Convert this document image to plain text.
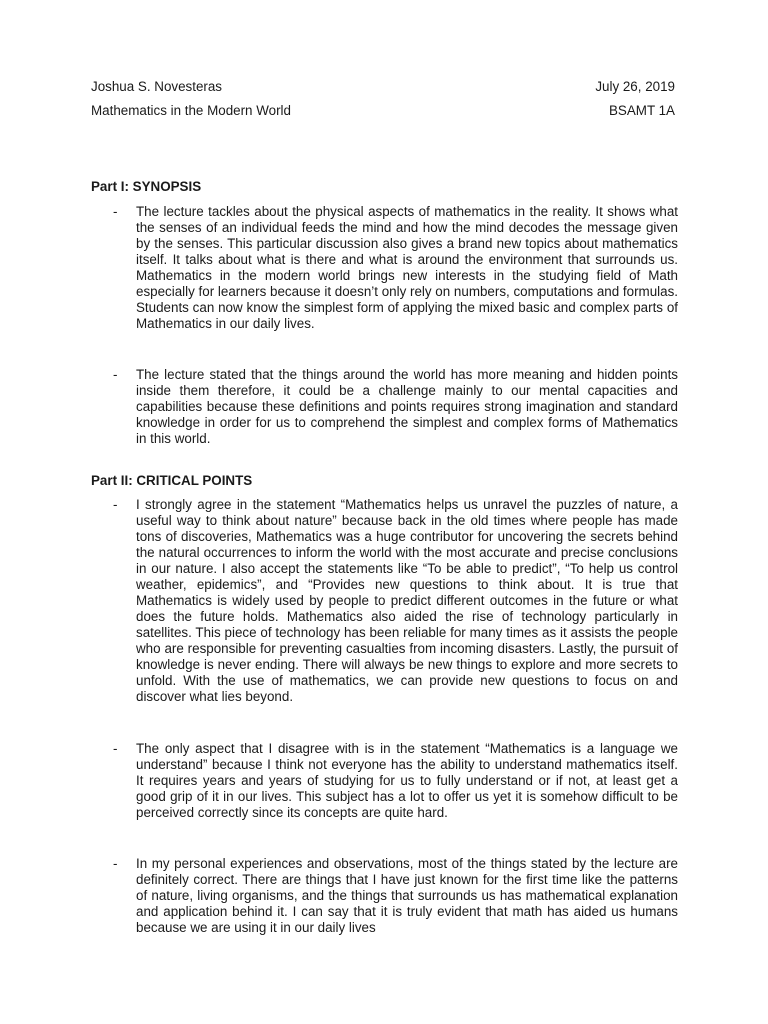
Joshua S. Novesteras	July 26, 2019
Mathematics in the Modern World	BSAMT 1A
Part I: SYNOPSIS
- The lecture tackles about the physical aspects of mathematics in the reality. It shows what the senses of an individual feeds the mind and how the mind decodes the message given by the senses. This particular discussion also gives a brand new topics about mathematics itself. It talks about what is there and what is around the environment that surrounds us. Mathematics in the modern world brings new interests in the studying field of Math especially for learners because it doesn’t only rely on numbers, computations and formulas. Students can now know the simplest form of applying the mixed basic and complex parts of Mathematics in our daily lives.

- The lecture stated that the things around the world has more meaning and hidden points inside them therefore, it could be a challenge mainly to our mental capacities and capabilities because these definitions and points requires strong imagination and standard knowledge in order for us to comprehend the simplest and complex forms of Mathematics in this world.

Part II: CRITICAL POINTS
- I strongly agree in the statement “Mathematics helps us unravel the puzzles of nature, a useful way to think about nature” because back in the old times where people has made tons of discoveries, Mathematics was a huge contributor for uncovering the secrets behind the natural occurrences to inform the world with the most accurate and precise conclusions in our nature. I also accept the statements like “To be able to predict”, “To help us control weather, epidemics”, and “Provides new questions to think about. It is true that Mathematics is widely used by people to predict different outcomes in the future or what does the future holds. Mathematics also aided the rise of technology particularly in satellites. This piece of technology has been reliable for many times as it assists the people who are responsible for preventing casualties from incoming disasters. Lastly, the pursuit of knowledge is never ending. There will always be new things to explore and more secrets to unfold. With the use of mathematics, we can provide new questions to focus on and discover what lies beyond.

- The only aspect that I disagree with is in the statement “Mathematics is a language we understand” because I think not everyone has the ability to understand mathematics itself. It requires years and years of studying for us to fully understand or if not, at least get a good grip of it in our lives. This subject has a lot to offer us yet it is somehow difficult to be perceived correctly since its concepts are quite hard.

- In my personal experiences and observations, most of the things stated by the lecture are definitely correct. There are things that I have just known for the first time like the patterns of nature, living organisms, and the things that surrounds us has mathematical explanation and application behind it. I can say that it is truly evident that math has aided us humans because we are using it in our daily lives
